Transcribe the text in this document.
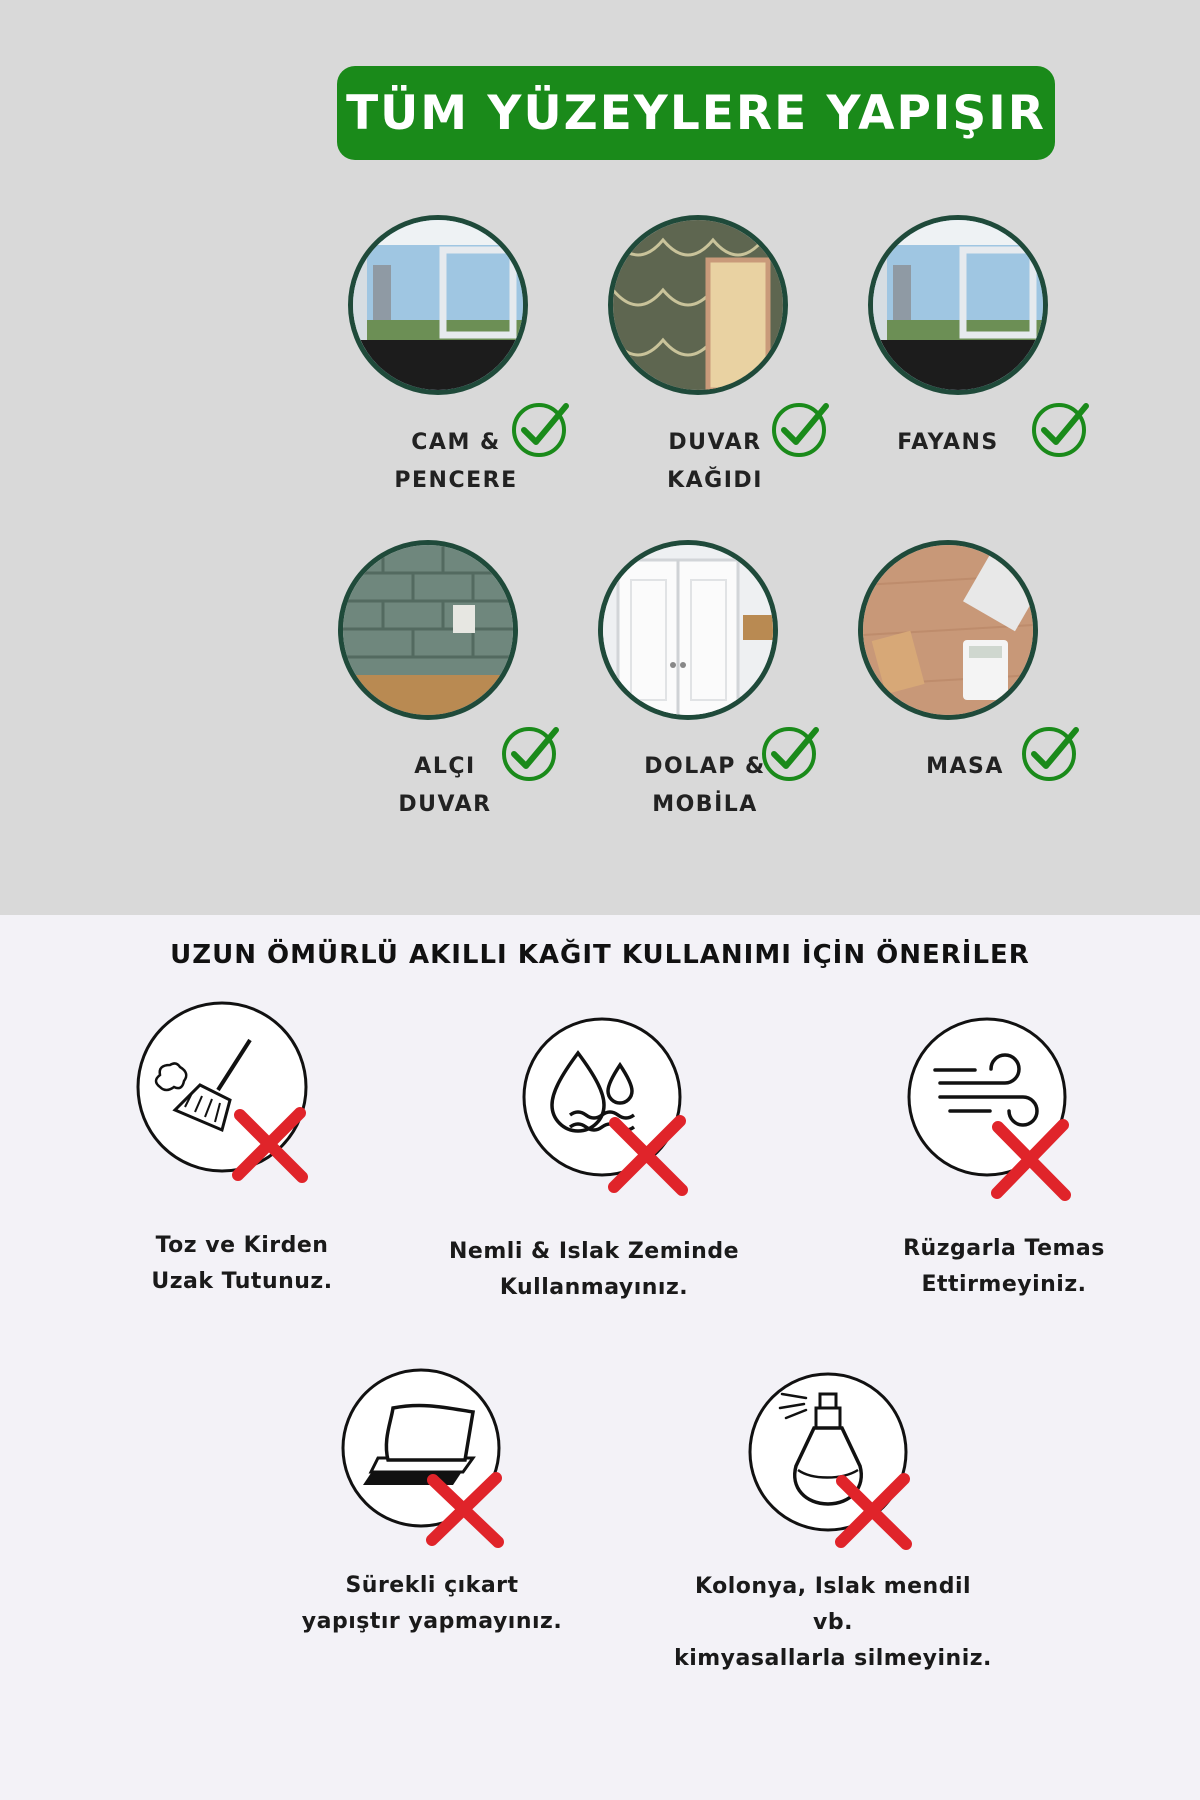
TÜM YÜZEYLERE YAPIŞIR
CAM &
PENCERE
DUVAR
KAĞIDI
FAYANS
ALÇI
DUVAR
DOLAP &
MOBİLA
MASA
UZUN ÖMÜRLÜ AKILLI KAĞIT KULLANIMI İÇİN ÖNERİLER
Toz ve Kirden
Uzak Tutunuz.
Nemli & Islak Zeminde
Kullanmayınız.
Rüzgarla Temas
Ettirmeyiniz.
Sürekli çıkart
yapıştır yapmayınız.
Kolonya, Islak mendil vb.
kimyasallarla silmeyiniz.
